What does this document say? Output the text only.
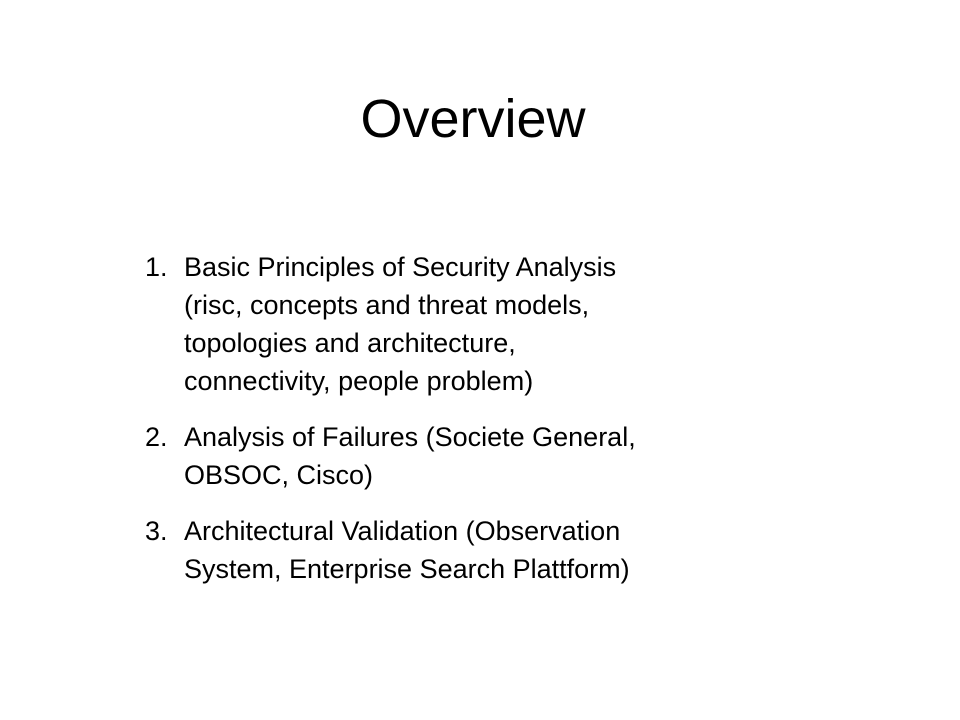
Overview
1. Basic Principles of Security Analysis
(risc, concepts and threat models,
topologies and architecture,
connectivity, people problem)
2. Analysis of Failures (Societe General,
OBSOC, Cisco)
3. Architectural Validation (Observation
System, Enterprise Search Plattform)
